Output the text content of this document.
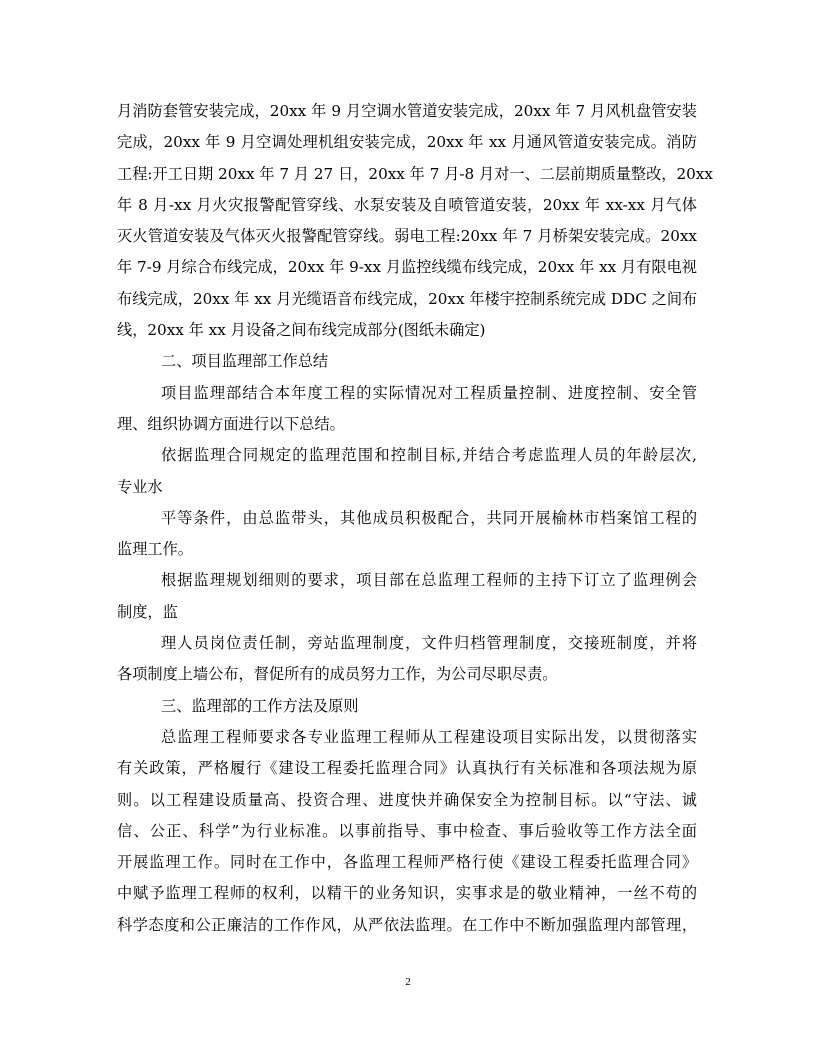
月消防套管安装完成，20xx 年 9 月空调水管道安装完成，20xx 年 7 月风机盘管安装
完成，20xx 年 9 月空调处理机组安装完成，20xx 年 xx 月通风管道安装完成。消防
工程:开工日期 20xx 年 7 月 27 日，20xx 年 7 月-8 月对一、二层前期质量整改，20xx
年 8 月-xx 月火灾报警配管穿线、水泵安装及自喷管道安装，20xx 年 xx-xx 月气体
灭火管道安装及气体灭火报警配管穿线。弱电工程:20xx 年 7 月桥架安装完成。20xx
年 7-9 月综合布线完成，20xx 年 9-xx 月监控线缆布线完成，20xx 年 xx 月有限电视
布线完成，20xx 年 xx 月光缆语音布线完成，20xx 年楼宇控制系统完成 DDC 之间布
线，20xx 年 xx 月设备之间布线完成部分(图纸未确定)
二、项目监理部工作总结
项目监理部结合本年度工程的实际情况对工程质量控制、进度控制、安全管
理、组织协调方面进行以下总结。
依据监理合同规定的监理范围和控制目标,并结合考虑监理人员的年龄层次,
专业水
平等条件，由总监带头，其他成员积极配合，共同开展榆林市档案馆工程的
监理工作。
根据监理规划细则的要求，项目部在总监理工程师的主持下订立了监理例会
制度，监
理人员岗位责任制，旁站监理制度，文件归档管理制度，交接班制度，并将
各项制度上墙公布，督促所有的成员努力工作，为公司尽职尽责。
三、监理部的工作方法及原则
总监理工程师要求各专业监理工程师从工程建设项目实际出发，以贯彻落实
有关政策，严格履行《建设工程委托监理合同》认真执行有关标准和各项法规为原
则。以工程建设质量高、投资合理、进度快并确保安全为控制目标。以“守法、诚
信、公正、科学”为行业标准。以事前指导、事中检查、事后验收等工作方法全面
开展监理工作。同时在工作中，各监理工程师严格行使《建设工程委托监理合同》
中赋予监理工程师的权利，以精干的业务知识，实事求是的敬业精神，一丝不苟的
科学态度和公正廉洁的工作作风，从严依法监理。在工作中不断加强监理内部管理，
2
